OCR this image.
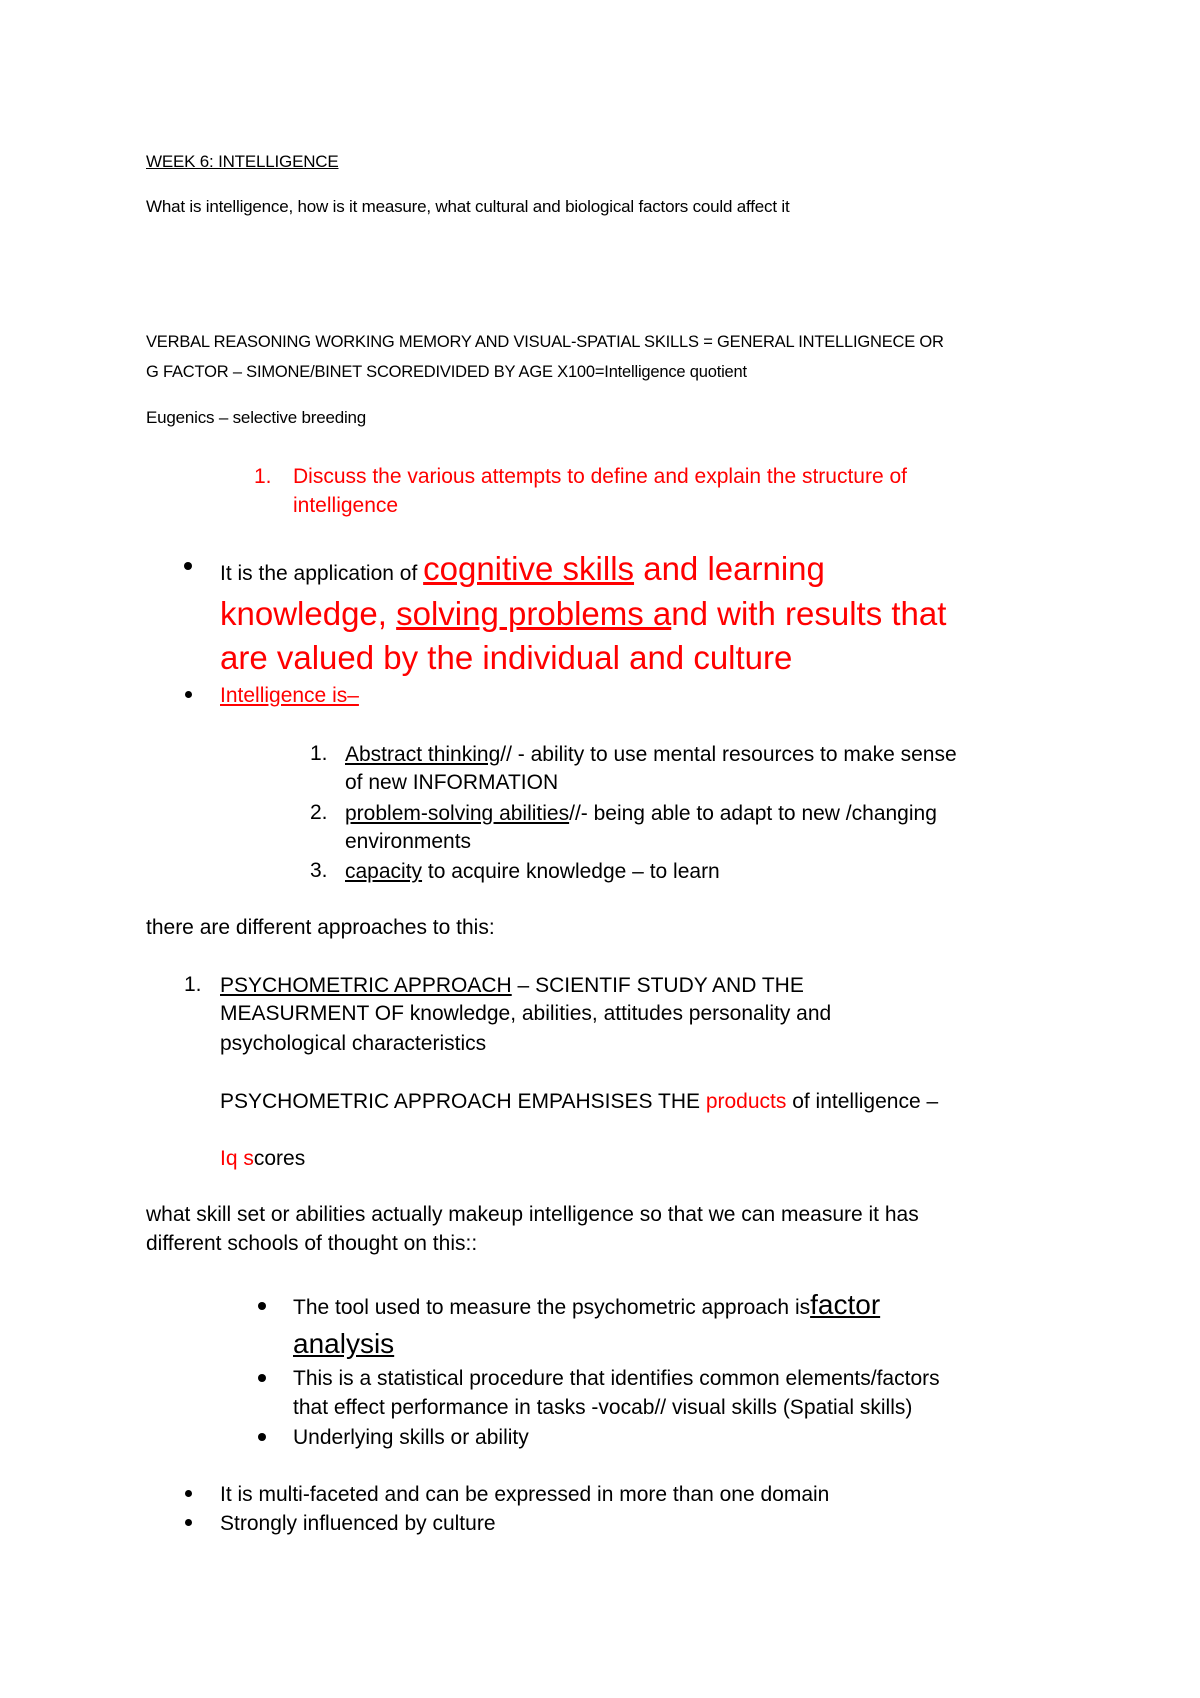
WEEK 6: INTELLIGENCE
What is intelligence, how is it measure, what cultural and biological factors could affect it
VERBAL REASONING WORKING MEMORY AND VISUAL-SPATIAL SKILLS = GENERAL INTELLIGNECE OR
G FACTOR – SIMONE/BINET SCOREDIVIDED BY AGE X100=Intelligence quotient
Eugenics – selective breeding
1. Discuss the various attempts to define and explain the structure of
intelligence
It is the application of cognitive skills and learning
knowledge, solving problems and with results that
are valued by the individual and culture
Intelligence is–
1. Abstract thinking// - ability to use mental resources to make sense
of new INFORMATION
2. problem-solving abilities//- being able to adapt to new /changing
environments
3. capacity to acquire knowledge – to learn
there are different approaches to this:
1. PSYCHOMETRIC APPROACH – SCIENTIF STUDY AND THE
MEASURMENT OF knowledge, abilities, attitudes personality and
psychological characteristics
PSYCHOMETRIC APPROACH EMPAHSISES THE products of intelligence –
Iq scores
what skill set or abilities actually makeup intelligence so that we can measure it has
different schools of thought on this::
The tool used to measure the psychometric approach isfactor
analysis
This is a statistical procedure that identifies common elements/factors
that effect performance in tasks -vocab// visual skills (Spatial skills)
Underlying skills or ability
It is multi-faceted and can be expressed in more than one domain
Strongly influenced by culture
